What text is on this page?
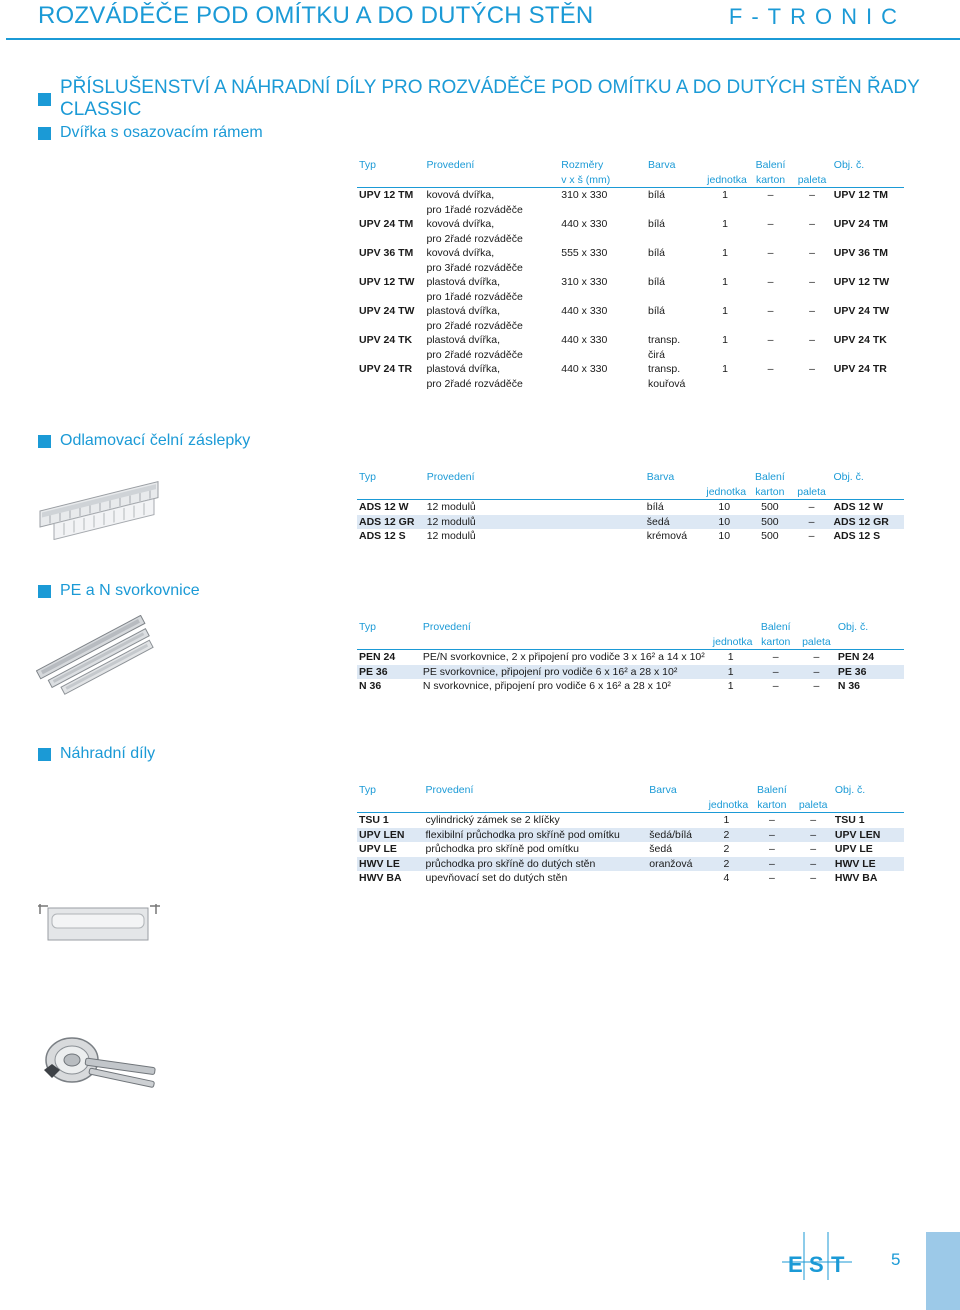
ROZVÁDĚČE POD OMÍTKU A DO DUTÝCH STĚN	F-TRONIC
PŘÍSLUŠENSTVÍ A NÁHRADNÍ DÍLY PRO ROZVÁDĚČE POD OMÍTKU A DO DUTÝCH STĚN ŘADY CLASSIC
Dvířka s osazovacím rámem
Typ	Provedení	Rozměry	Barva		Balení		Obj. č.	
		v x š (mm)		jednotka	karton	paleta		
UPV 12 TM	kovová dvířka,	310 x 330	bílá	1	–	–	UPV 12 TM	
	pro 1řadé rozváděče							
UPV 24 TM	kovová dvířka,	440 x 330	bílá	1	–	–	UPV 24 TM	
	pro 2řadé rozváděče							
UPV 36 TM	kovová dvířka,	555 x 330	bílá	1	–	–	UPV 36 TM	
	pro 3řadé rozváděče							
UPV 12 TW	plastová dvířka,	310 x 330	bílá	1	–	–	UPV 12 TW	
	pro 1řadé rozváděče							
UPV 24 TW	plastová dvířka,	440 x 330	bílá	1	–	–	UPV 24 TW	
	pro 2řadé rozváděče							
UPV 24 TK	plastová dvířka,	440 x 330	transp.	1	–	–	UPV 24 TK	
	pro 2řadé rozváděče		čirá					
UPV 24 TR	plastová dvířka,	440 x 330	transp.	1	–	–	UPV 24 TR	
	pro 2řadé rozváděče		kouřová					
Odlamovací čelní záslepky
Typ	Provedení	Barva		Balení		Obj. č.	
			jednotka	karton	paleta		
ADS 12 W	12 modulů	bílá	10	500	–	ADS 12 W	
ADS 12 GR	12 modulů	šedá	10	500	–	ADS 12 GR	
ADS 12 S	12 modulů	krémová	10	500	–	ADS 12 S	
PE a N svorkovnice
Typ	Provedení		Balení		Obj. č.	
		jednotka	karton	paleta		
PEN 24	PE/N svorkovnice, 2 x připojení pro vodiče 3 x 16² a 14 x 10²	1	–	–	PEN 24	
PE 36	PE svorkovnice, připojení pro vodiče 6 x 16² a 28 x 10²	1	–	–	PE 36	
N 36	N svorkovnice, připojení pro vodiče 6 x 16² a 28 x 10²	1	–	–	N 36	
Náhradní díly
Typ	Provedení	Barva		Balení		Obj. č.	
			jednotka	karton	paleta		
TSU 1	cylindrický zámek se 2 klíčky		1	–	–	TSU 1	
UPV LEN	flexibilní průchodka pro skříně pod omítku	šedá/bílá	2	–	–	UPV LEN	
UPV LE	průchodka pro skříně pod omítku	šedá	2	–	–	UPV LE	
HWV LE	průchodka pro skříně do dutých stěn	oranžová	2	–	–	HWV LE	
HWV BA	upevňovací set do dutých stěn		4	–	–	HWV BA	
E S T	5
